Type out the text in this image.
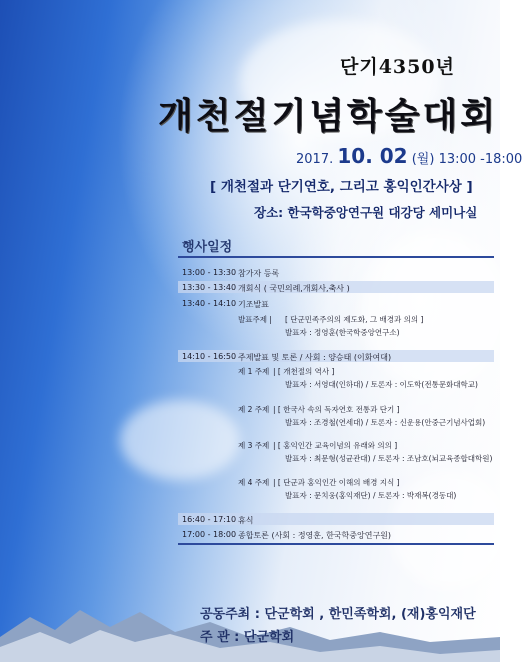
단기4350년
개천절기념학술대회
2017. 10. 02 (월) 13:00 -18:00
[ 개천절과 단기연호, 그리고 홍익인간사상 ]
장소: 한국학중앙연구원 대강당 세미나실
행사일정
13:00 - 13:30 참가자 등록
13:30 - 13:40 개회식 ( 국민의례,개회사,축사 )
13:40 - 14:10 기조발표
발표주제 | [ 단군민족주의의 제도화, 그 배경과 의의 ]
발표자 : 정영훈(한국학중앙연구소)
14:10 - 16:50 주제발표 및 토론 / 사회 : 양승태 (이화여대)
제 1 주제 | [ 개천절의 역사 ]
발표자 : 서영대(인하대) / 토론자 : 이도학(전통문화대학교)
제 2 주제 | [ 한국사 속의 독자연호 전통과 단기 ]
발표자 : 조경철(연세대) / 토론자 : 신운용(안중근기념사업회)
제 3 주제 | [ 홍익인간 교육이념의 유래와 의의 ]
발표자 : 최문형(성균관대) / 토론자 : 조남호(뇌교육종합대학원)
제 4 주제 | [ 단군과 홍익인간 이해의 배경 지식 ]
발표자 : 문치웅(홍익재단) / 토론자 : 박재복(경동대)
16:40 - 17:10 휴식
17:00 - 18:00 종합토론 (사회 : 정영훈, 한국학중앙연구원)
공동주최 : 단군학회 , 한민족학회, (재)홍익재단
주 관 : 단군학회
